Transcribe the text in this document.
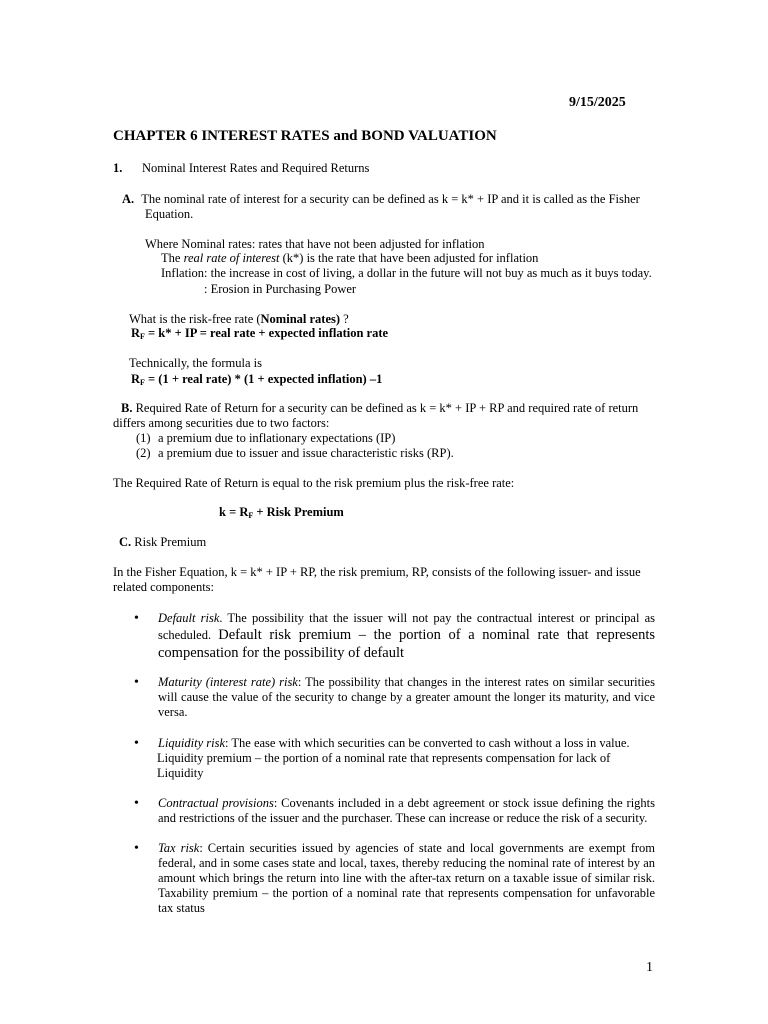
9/15/2025
CHAPTER 6 INTEREST RATES and BOND VALUATION
1. Nominal Interest Rates and Required Returns
A. The nominal rate of interest for a security can be defined as k = k* + IP and it is called as the Fisher
Equation.
Where Nominal rates: rates that have not been adjusted for inflation
The real rate of interest (k*) is the rate that have been adjusted for inflation
Inflation: the increase in cost of living, a dollar in the future will not buy as much as it buys today.
: Erosion in Purchasing Power
What is the risk-free rate (Nominal rates) ?
$R_F = k*$ + IP = real rate + expected inflation rate
Technically, the formula is
$R_F = (1$ + real rate) * (1 + expected inflation) –1
B. Required Rate of Return for a security can be defined as k = k* + IP + RP and required rate of return
differs among securities due to two factors:
(1) a premium due to inflationary expectations (IP)
(2) a premium due to issuer and issue characteristic risks (RP).
The Required Rate of Return is equal to the risk premium plus the risk-free rate:
$k = R_F$ + Risk Premium
C. Risk Premium
In the Fisher Equation, k = k* + IP + RP, the risk premium, RP, consists of the following issuer- and issue
related components:
• Default risk. The possibility that the issuer will not pay the contractual interest or principal as scheduled. Default risk premium – the portion of a nominal rate that represents compensation for the possibility of default
• Maturity (interest rate) risk: The possibility that changes in the interest rates on similar securities will cause the value of the security to change by a greater amount the longer its maturity, and vice versa.
• Liquidity risk: The ease with which securities can be converted to cash without a loss in value.
Liquidity premium – the portion of a nominal rate that represents compensation for lack of Liquidity
• Contractual provisions: Covenants included in a debt agreement or stock issue defining the rights and restrictions of the issuer and the purchaser. These can increase or reduce the risk of a security.
• Tax risk: Certain securities issued by agencies of state and local governments are exempt from federal, and in some cases state and local, taxes, thereby reducing the nominal rate of interest by an amount which brings the return into line with the after-tax return on a taxable issue of similar risk. Taxability premium – the portion of a nominal rate that represents compensation for unfavorable tax status
1
